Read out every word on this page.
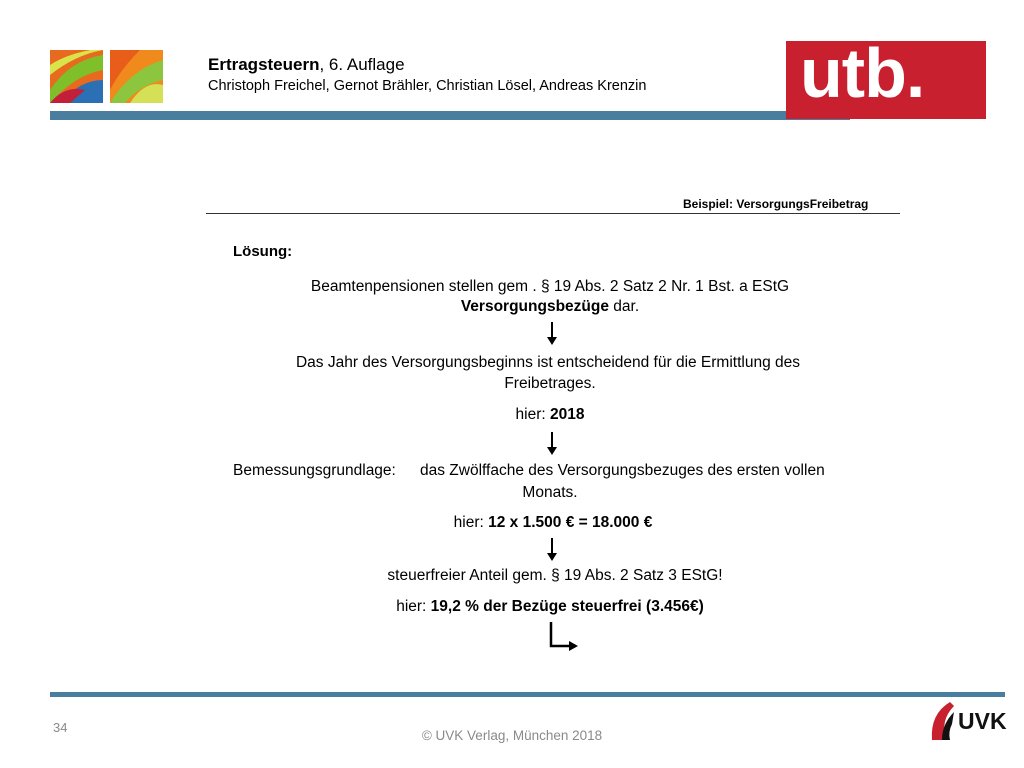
Ertragsteuern, 6. Auflage
Christoph Freichel, Gernot Brähler, Christian Lösel, Andreas Krenzin utb.
Beispiel: VersorgungsFreibetrag
Lösung:
Beamtenpensionen stellen gem . § 19 Abs. 2 Satz 2 Nr. 1 Bst. a EStG
Versorgungsbezüge dar.
Das Jahr des Versorgungsbeginns ist entscheidend für die Ermittlung des
Freibetrages.
hier: 2018
Bemessungsgrundlage: das Zwölffache des Versorgungsbezuges des ersten vollen
Monats.
hier: 12 x 1.500 € = 18.000 €
steuerfreier Anteil gem. § 19 Abs. 2 Satz 3 EStG!
hier: 19,2 % der Bezüge steuerfrei (3.456€)
34
© UVK Verlag, München 2018
UVK
